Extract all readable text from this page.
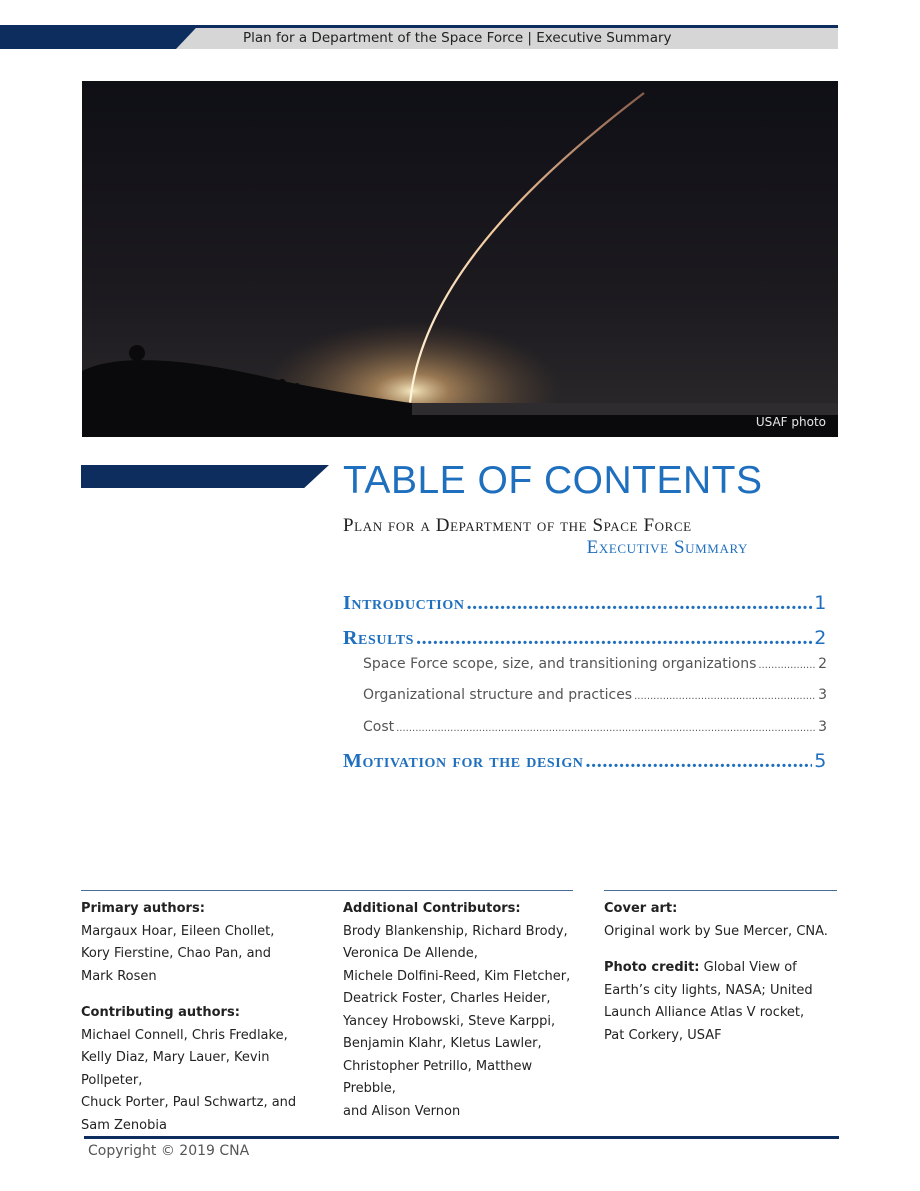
Plan for a Department of the Space Force | Executive Summary
USAF photo
TABLE OF CONTENTS
Plan for a Department of the Space Force
Executive Summary
Introduction .....	1
Results .....	2
Space Force scope, size, and transitioning organizations .....	2
Organizational structure and practices .....	3
Cost .....	3
Motivation for the design .....	5

Primary authors:

Margaux Hoar, Eileen Chollet,

Kory Fierstine, Chao Pan, and

Mark Rosen

Contributing authors:

Michael Connell, Chris Fredlake,

Kelly Diaz, Mary Lauer, Kevin Pollpeter,

Chuck Porter, Paul Schwartz, and

Sam Zenobia

Additional Contributors:

Brody Blankenship, Richard Brody,

Veronica De Allende,

Michele Dolfini-Reed, Kim Fletcher,

Deatrick Foster, Charles Heider,

Yancey Hrobowski, Steve Karppi,

Benjamin Klahr, Kletus Lawler,

Christopher Petrillo, Matthew Prebble,

and Alison Vernon

Cover art:

Original work by Sue Mercer, CNA.

Photo credit: Global View of

Earth’s city lights, NASA; United

Launch Alliance Atlas V rocket,

Pat Corkery, USAF

Copyright © 2019 CNA
